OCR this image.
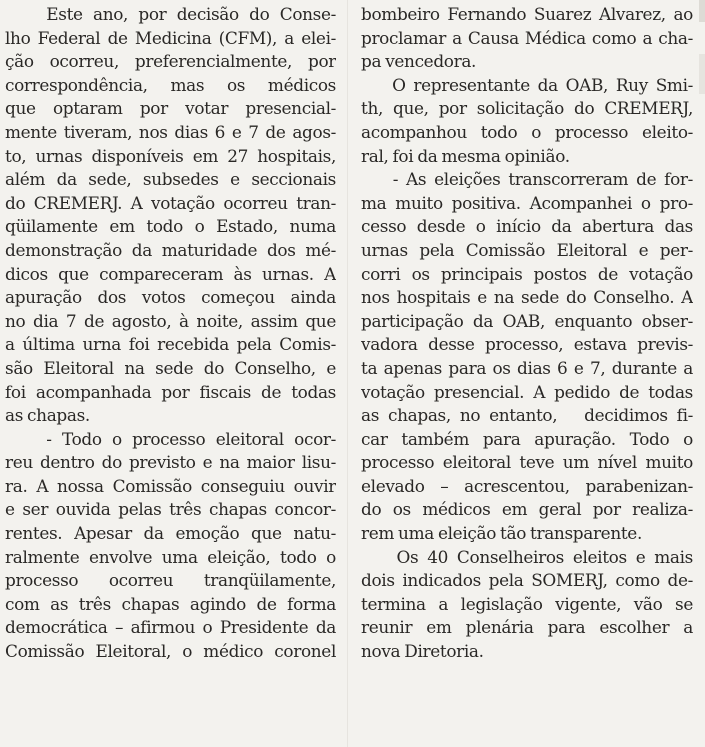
Este ano, por decisão do Conse-
lho Federal de Medicina (CFM), a elei-
ção ocorreu, preferencialmente, por
correspondência, mas os médicos
que optaram por votar presencial-
mente tiveram, nos dias 6 e 7 de agos-
to, urnas disponíveis em 27 hospitais,
além da sede, subsedes e seccionais
do CREMERJ. A votação ocorreu tran-
qüilamente em todo o Estado, numa
demonstração da maturidade dos mé-
dicos que compareceram às urnas. A
apuração dos votos começou ainda
no dia 7 de agosto, à noite, assim que
a última urna foi recebida pela Comis-
são Eleitoral na sede do Conselho, e
foi acompanhada por fiscais de todas
as chapas.
- Todo o processo eleitoral ocor-
reu dentro do previsto e na maior lisu-
ra. A nossa Comissão conseguiu ouvir
e ser ouvida pelas três chapas concor-
rentes. Apesar da emoção que natu-
ralmente envolve uma eleição, todo o
processo ocorreu tranqüilamente,
com as três chapas agindo de forma
democrática – afirmou o Presidente da
Comissão Eleitoral, o médico coronel
bombeiro Fernando Suarez Alvarez, ao
proclamar a Causa Médica como a cha-
pa vencedora.
O representante da OAB, Ruy Smi-
th, que, por solicitação do CREMERJ,
acompanhou todo o processo eleito-
ral, foi da mesma opinião.
- As eleições transcorreram de for-
ma muito positiva. Acompanhei o pro-
cesso desde o início da abertura das
urnas pela Comissão Eleitoral e per-
corri os principais postos de votação
nos hospitais e na sede do Conselho. A
participação da OAB, enquanto obser-
vadora desse processo, estava previs-
ta apenas para os dias 6 e 7, durante a
votação presencial. A pedido de todas
as chapas, no entanto,   decidimos fi-
car também para apuração. Todo o
processo eleitoral teve um nível muito
elevado – acrescentou, parabenizan-
do os médicos em geral por realiza-
rem uma eleição tão transparente.
Os 40 Conselheiros eleitos e mais
dois indicados pela SOMERJ, como de-
termina a legislação vigente, vão se
reunir em plenária para escolher a
nova Diretoria.
